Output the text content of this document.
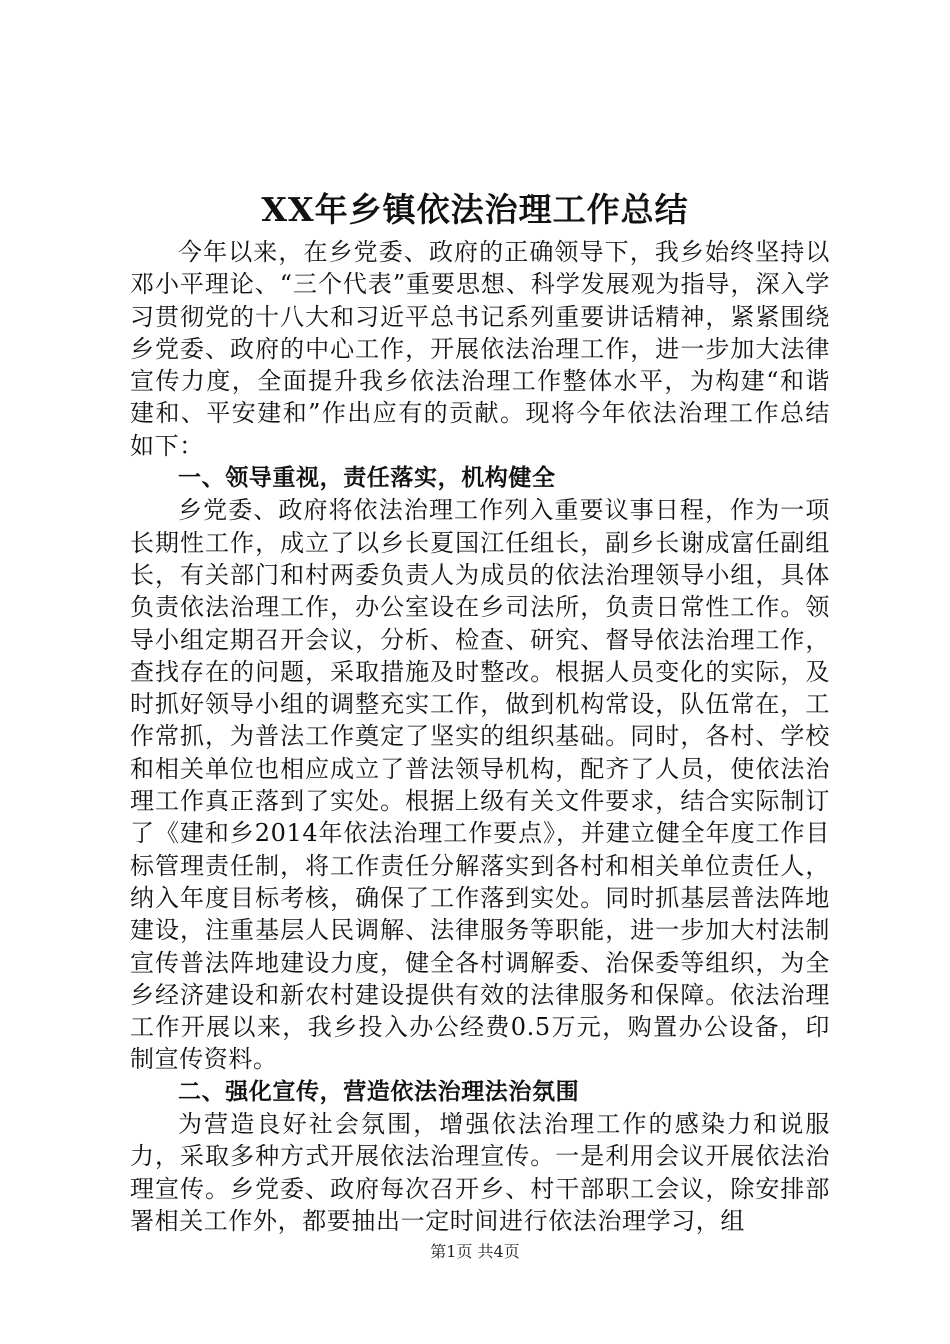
XX年乡镇依法治理工作总结

今年以来，在乡党委、政府的正确领导下，我乡始终坚持以邓小平理论、“三个代表”重要思想、科学发展观为指导，深入学习贯彻党的十八大和习近平总书记系列重要讲话精神，紧紧围绕乡党委、政府的中心工作，开展依法治理工作，进一步加大法律宣传力度，全面提升我乡依法治理工作整体水平，为构建“和谐建和、平安建和”作出应有的贡献。现将今年依法治理工作总结如下：

一、领导重视，责任落实，机构健全

乡党委、政府将依法治理工作列入重要议事日程，作为一项长期性工作，成立了以乡长夏国江任组长，副乡长谢成富任副组长，有关部门和村两委负责人为成员的依法治理领导小组，具体负责依法治理工作，办公室设在乡司法所，负责日常性工作。领导小组定期召开会议，分析、检查、研究、督导依法治理工作，查找存在的问题，采取措施及时整改。根据人员变化的实际，及时抓好领导小组的调整充实工作，做到机构常设，队伍常在，工作常抓，为普法工作奠定了坚实的组织基础。同时，各村、学校和相关单位也相应成立了普法领导机构，配齐了人员，使依法治理工作真正落到了实处。根据上级有关文件要求，结合实际制订了《建和乡2014年依法治理工作要点》，并建立健全年度工作目标管理责任制，将工作责任分解落实到各村和相关单位责任人，纳入年度目标考核，确保了工作落到实处。同时抓基层普法阵地建设，注重基层人民调解、法律服务等职能，进一步加大村法制宣传普法阵地建设力度，健全各村调解委、治保委等组织，为全乡经济建设和新农村建设提供有效的法律服务和保障。依法治理工作开展以来，我乡投入办公经费0.5万元，购置办公设备，印制宣传资料。

二、强化宣传，营造依法治理法治氛围

为营造良好社会氛围，增强依法治理工作的感染力和说服力，采取多种方式开展依法治理宣传。一是利用会议开展依法治理宣传。乡党委、政府每次召开乡、村干部职工会议，除安排部署相关工作外，都要抽出一定时间进行依法治理学习，组

第1页 共4页
